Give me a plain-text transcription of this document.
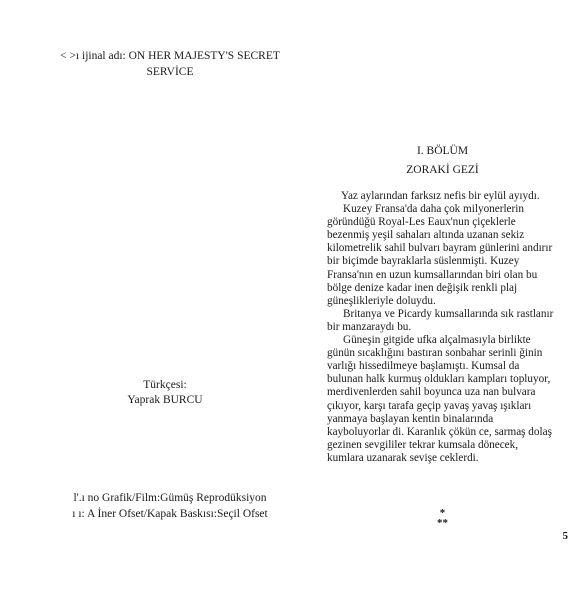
< >ı ijinal adı: ON HER MAJESTY'S SECRET
SERVİCE
Türkçesi:
Yaprak BURCU
l'.ı no Grafik/Film:Gümüş Reprodüksiyon
ı ı: A İner Ofset/Kapak Baskısı:Seçil Ofset
I. BÖLÜM
ZORAKİ GEZİ

Yaz aylarından farksız nefis bir eylül ayıydı.

Kuzey Fransa'da daha çok milyonerlerin göründüğü Royal-Les Eaux'nun çiçeklerle bezenmiş yeşil sahaları altında uzanan sekiz kilometrelik sahil bulvarı bayram günlerini andırır bir biçimde bayraklarla süslenmişti. Kuzey Fransa'nın en uzun kumsallarından biri olan bu bölge denize kadar inen değişik renkli plaj güneşlikleriyle doluydu.

Britanya ve Picardy kumsallarında sık rastlanır bir manzaraydı bu.

Güneşin gitgide ufka alçalmasıyla birlikte günün sıcaklığını bastıran sonbahar serinli ğinin varlığı hissedilmeye başlamıştı. Kumsal da bulunan halk kurmuş oldukları kampları topluyor, merdivenlerden sahil boyunca uza nan bulvara çıkıyor, karşı tarafa geçip yavaş yavaş ışıkları yanmaya başlayan kentin binalarında kayboluyorlar di. Karanlık çökün ce, sarmaş dolaş gezinen sevgililer tekrar kumsala dönecek, kumlara uzanarak sevişe ceklerdi.

*
**
5
